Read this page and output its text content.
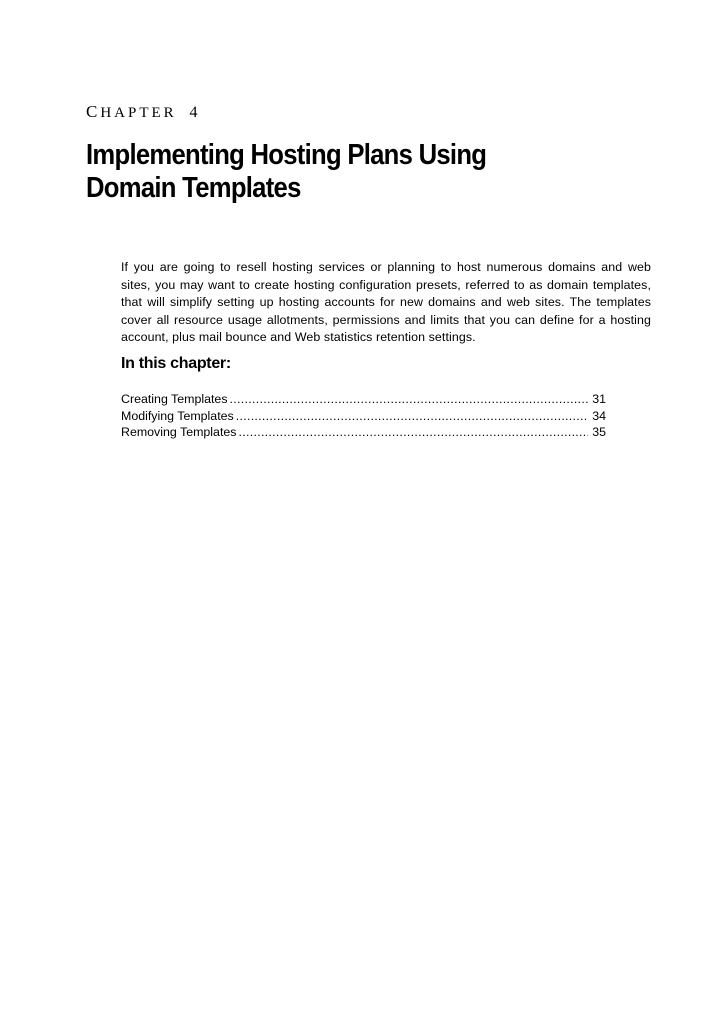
CHAPTER 4
Implementing Hosting Plans Using
Domain Templates

If you are going to resell hosting services or planning to host numerous domains and web sites, you may want to create hosting configuration presets, referred to as domain templates, that will simplify setting up hosting accounts for new domains and web sites. The templates cover all resource usage allotments, permissions and limits that you can define for a hosting account, plus mail bounce and Web statistics retention settings.

In this chapter:
Creating Templates .....	31
Modifying Templates .....	34
Removing Templates .....	35
